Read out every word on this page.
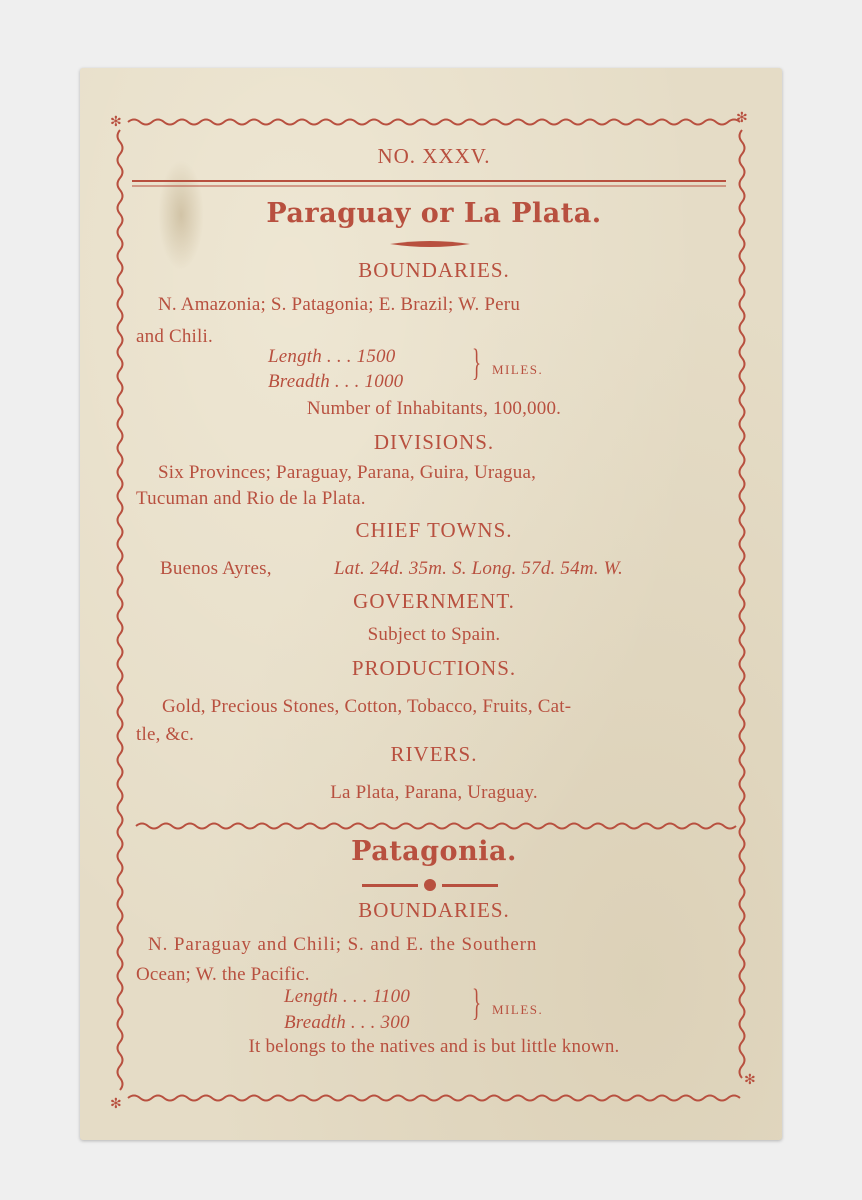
✻	✻
✻
✻
NO. XXXV.
Paraguay or La Plata.
BOUNDARIES.
N. Amazonia; S. Patagonia; E. Brazil; W. Peru
and Chili.
Length . . . 1500
Breadth . . . 1000 } MILES.
Number of Inhabitants, 100,000.
DIVISIONS.
Six Provinces; Paraguay, Parana, Guira, Uragua,
Tucuman and Rio de la Plata.
CHIEF TOWNS.
Buenos Ayres,	Lat. 24d. 35m. S. Long. 57d. 54m. W.
GOVERNMENT.
Subject to Spain.
PRODUCTIONS.
Gold, Precious Stones, Cotton, Tobacco, Fruits, Cat-
tle, &c.
RIVERS.
La Plata, Parana, Uraguay.
Patagonia.
BOUNDARIES.
N. Paraguay and Chili; S. and E. the Southern
Ocean; W. the Pacific.
Length . . . 1100
Breadth . . . 300 } MILES.
It belongs to the natives and is but little known.
